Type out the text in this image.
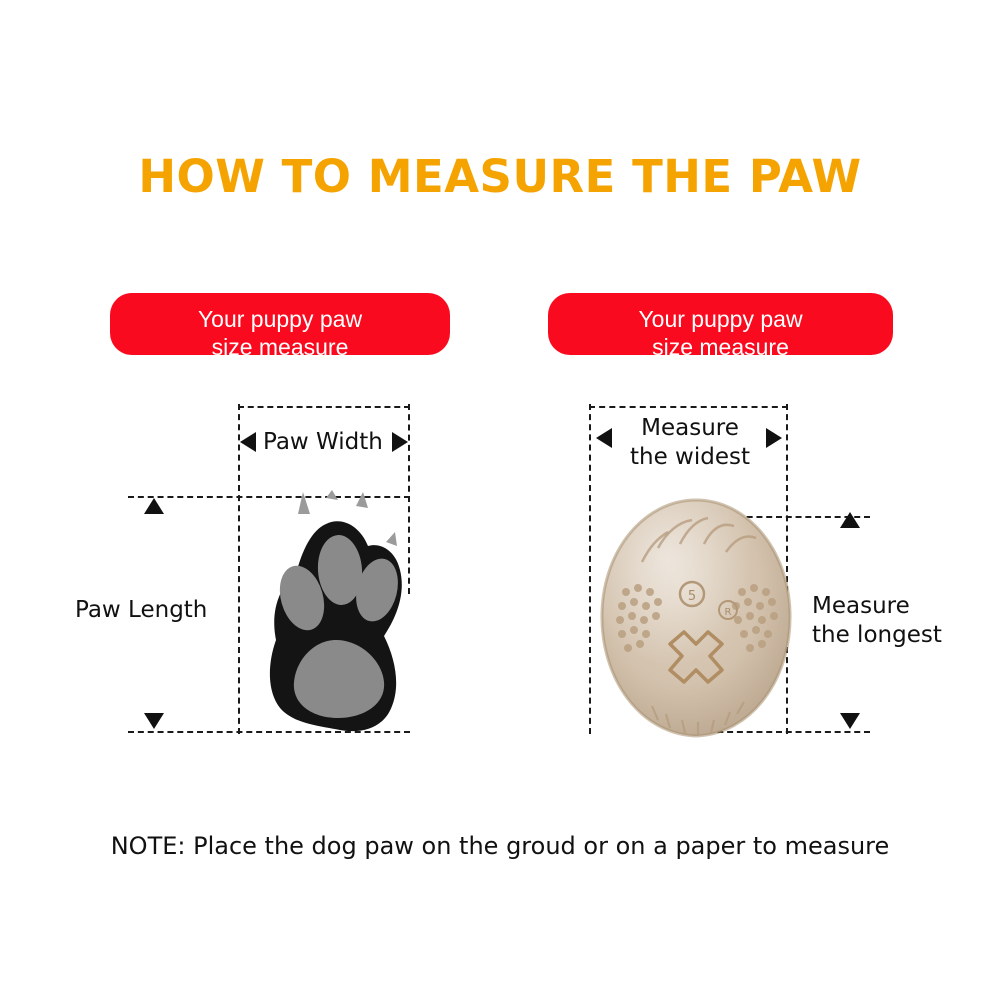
HOW TO MEASURE THE PAW
Your puppy paw
size measure
Paw Width
Paw Length
Your puppy paw
size measure
Measure
the widest
Measure
the longest
5
R
NOTE: Place the dog paw on the groud or on a paper to measure
